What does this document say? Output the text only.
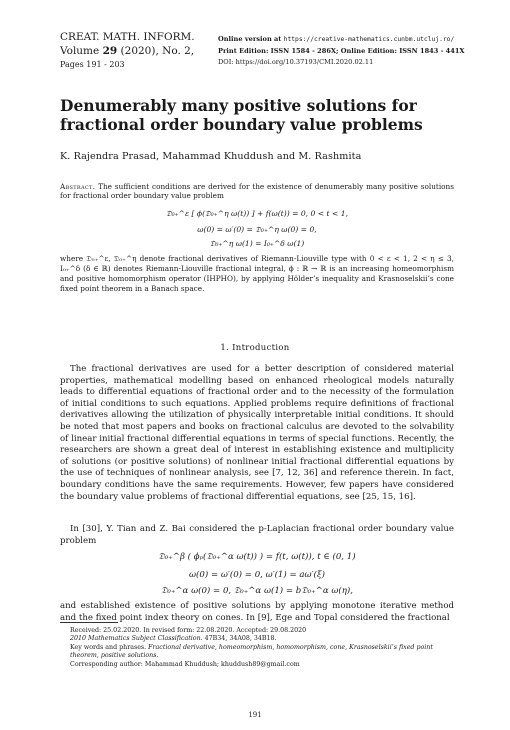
CREAT. MATH. INFORM.
Volume 29 (2020), No. 2,
Pages 191 - 203
Online version at https://creative-mathematics.cunbm.utcluj.ro/
Print Edition: ISSN 1584 - 286X; Online Edition: ISSN 1843 - 441X
DOI: https://doi.org/10.37193/CMI.2020.02.11
Denumerably many positive solutions for fractional order boundary value problems
K. Rajendra Prasad, Mahammad Khuddush and M. Rashmita
Abstract. The sufficient conditions are derived for the existence of denumerably many positive solutions for fractional order boundary value problem
𝔇₀₊^ε [ ϕ(𝔇₀₊^η ω(t)) ] + f(ω(t)) = 0, 0 < t < 1,
ω(0) = ω′(0) = 𝔇₀₊^η ω(0) = 0,
𝔇₀₊^η ω(1) = I₀₊^δ ω(1)
where 𝔇₀₊^ε, 𝔇₀₊^η denote fractional derivatives of Riemann-Liouville type with 0 < ε < 1, 2 < η ≤ 3, I₀₊^δ (δ ∈ ℝ) denotes Riemann-Liouville fractional integral, ϕ : ℝ → ℝ is an increasing homeomorphism and positive homomorphism operator (IHPHO), by applying Hölder’s inequality and Krasnoselskii’s cone fixed point theorem in a Banach space.
1. Introduction
The fractional derivatives are used for a better description of considered material properties, mathematical modelling based on enhanced rheological models naturally leads to differential equations of fractional order and to the necessity of the formulation of initial conditions to such equations. Applied problems require definitions of fractional derivatives allowing the utilization of physically interpretable initial conditions. It should be noted that most papers and books on fractional calculus are devoted to the solvability of linear initial fractional differential equations in terms of special functions. Recently, the researchers are shown a great deal of interest in establishing existence and multiplicity of solutions (or positive solutions) of nonlinear initial fractional differential equations by the use of techniques of nonlinear analysis, see [7, 12, 36] and reference therein. In fact, boundary conditions have the same requirements. However, few papers have considered the boundary value problems of fractional differential equations, see [25, 15, 16].
In [30], Y. Tian and Z. Bai considered the p-Laplacian fractional order boundary value problem
𝔇₀₊^β ( ϕₚ(𝔇₀₊^α ω(t)) ) = f(t, ω(t)), t ∈ (0, 1)
ω(0) = ω′(0) = 0, ω′(1) = aω′(ξ)
𝔇₀₊^α ω(0) = 0, 𝔇₀₊^α ω(1) = b𝔇₀₊^α ω(η),
and established existence of positive solutions by applying monotone iterative method and the fixed point index theory on cones. In [9], Ege and Topal considered the fractional
Received: 25.02.2020. In revised form: 22.08.2020. Accepted: 29.08.2020
2010 Mathematics Subject Classification. 47B34, 34A08, 34B18.
Key words and phrases. Fractional derivative, homeomorphism, homomorphism, cone, Krasnoselskii’s fixed point theorem, positive solutions.
Corresponding author: Mahammad Khuddush; khuddush89@gmail.com
191
